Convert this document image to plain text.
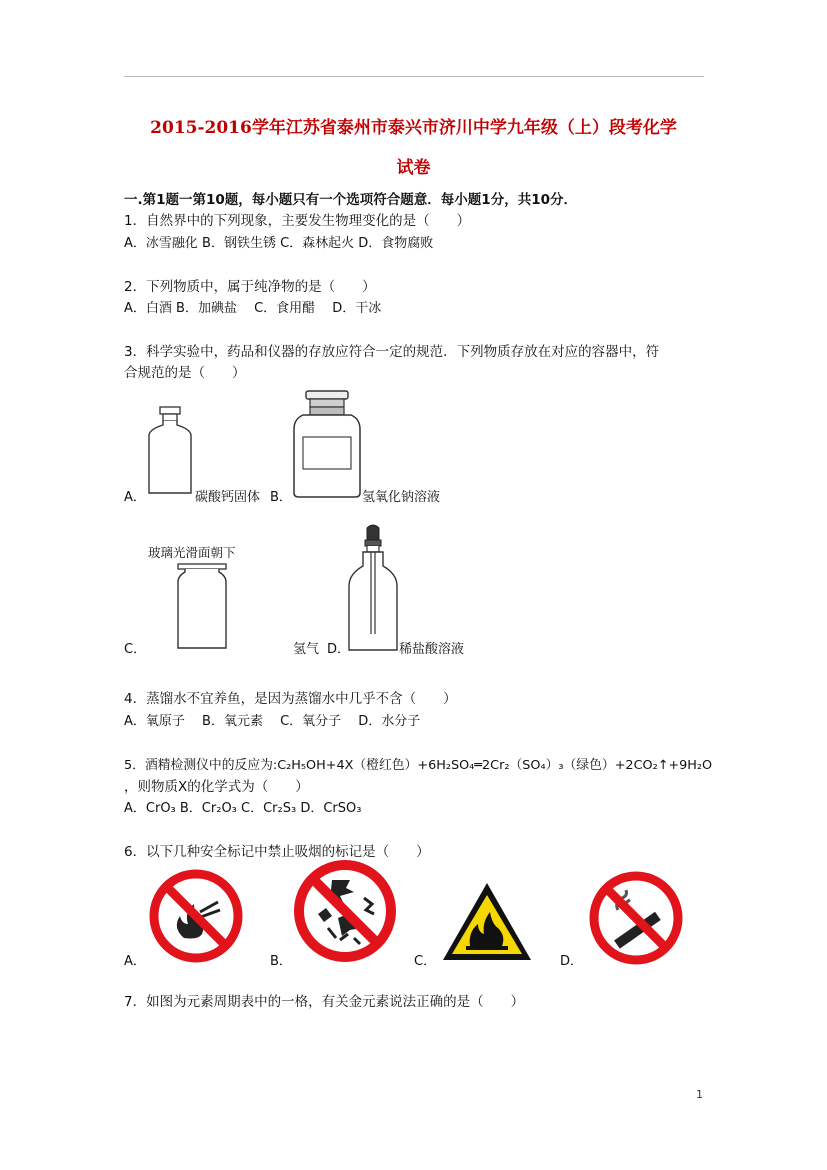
2015-2016学年江苏省泰州市泰兴市济川中学九年级（上）段考化学
试卷
一.第1题一第10题，每小题只有一个选项符合题意．每小题1分，共10分．
1．自然界中的下列现象，主要发生物理变化的是（　　）
A．冰雪融化 B．钢铁生锈 C．森林起火 D．食物腐败
2．下列物质中，属于纯净物的是（　　）
A．白酒 B．加碘盐　 C．食用醋　 D．干冰
3．科学实验中，药品和仪器的存放应符合一定的规范．下列物质存放在对应的容器中，符
合规范的是（　　）
A．	碳酸钙固体 B．	氢氧化钠溶液
玻璃光滑面朝下
C．	氢气 D．	稀盐酸溶液
4．蒸馏水不宜养鱼，是因为蒸馏水中几乎不含（　　）
A．氧原子　 B．氧元素　 C．氧分子　 D．水分子
5．酒精检测仪中的反应为:C₂H₅OH+4X（橙红色）+6H₂SO₄═2Cr₂（SO₄）₃（绿色）+2CO₂↑+9H₂O
，则物质X的化学式为（　　）
A．CrO₃ B．Cr₂O₃ C．Cr₂S₃ D．CrSO₃
6．以下几种安全标记中禁止吸烟的标记是（　　）
A．	B．	C．	D．
7．如图为元素周期表中的一格，有关金元素说法正确的是（　　）
1
